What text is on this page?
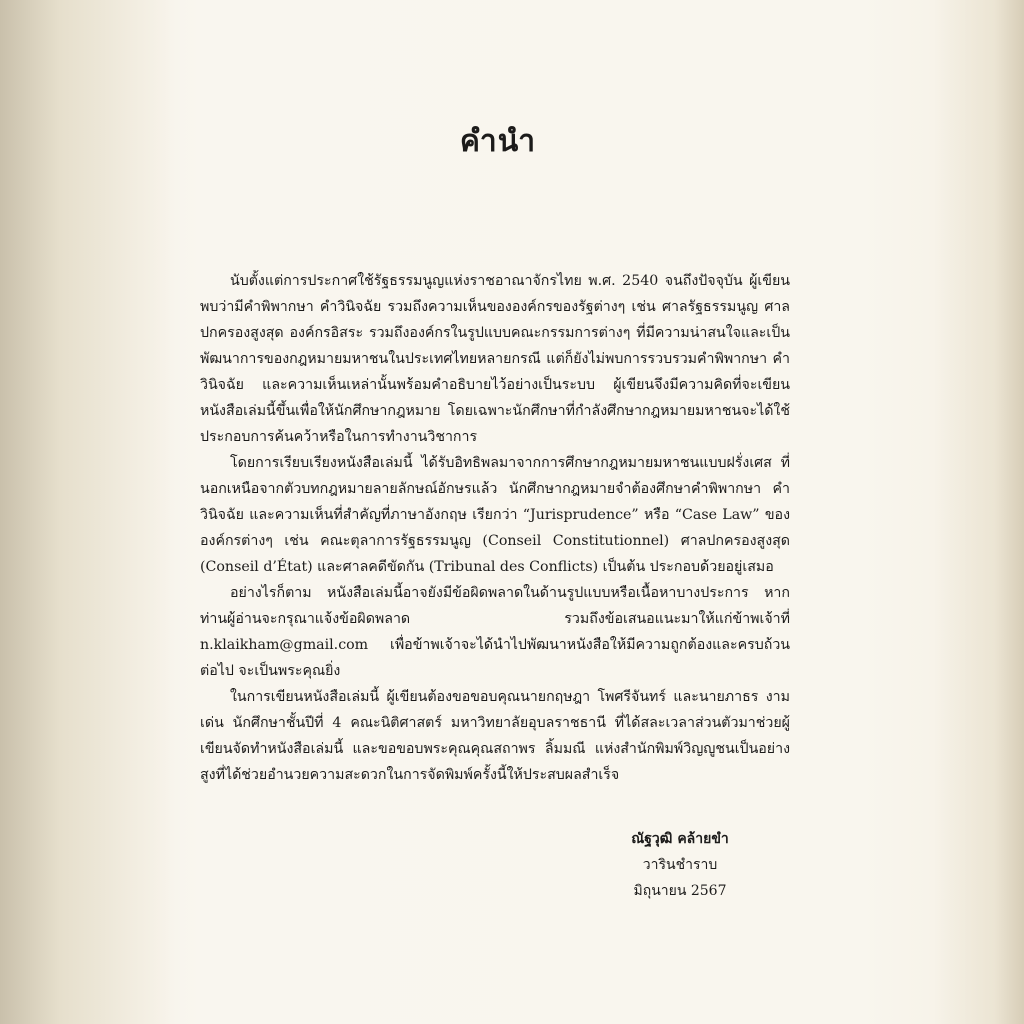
คำนำ

นับตั้งแต่การประกาศใช้รัฐธรรมนูญแห่งราชอาณาจักรไทย พ.ศ. 2540 จนถึงปัจจุบัน ผู้เขียนพบว่ามีคำพิพากษา คำวินิจฉัย รวมถึงความเห็นขององค์กรของรัฐต่างๆ เช่น ศาลรัฐธรรมนูญ ศาลปกครองสูงสุด องค์กรอิสระ รวมถึงองค์กรในรูปแบบคณะกรรมการต่างๆ ที่มีความน่าสนใจและเป็นพัฒนาการของกฎหมายมหาชนในประเทศไทยหลายกรณี แต่ก็ยังไม่พบการรวบรวมคำพิพากษา คำวินิจฉัย และความเห็นเหล่านั้นพร้อมคำอธิบายไว้อย่างเป็นระบบ ผู้เขียนจึงมีความคิดที่จะเขียนหนังสือเล่มนี้ขึ้นเพื่อให้นักศึกษากฎหมาย โดยเฉพาะนักศึกษาที่กำลังศึกษากฎหมายมหาชนจะได้ใช้ประกอบการค้นคว้าหรือในการทำงานวิชาการ

โดยการเรียบเรียงหนังสือเล่มนี้ ได้รับอิทธิพลมาจากการศึกษากฎหมายมหาชนแบบฝรั่งเศส ที่นอกเหนือจากตัวบทกฎหมายลายลักษณ์อักษรแล้ว นักศึกษากฎหมายจำต้องศึกษาคำพิพากษา คำวินิจฉัย และความเห็นที่สำคัญที่ภาษาอังกฤษ เรียกว่า “Jurisprudence” หรือ “Case Law” ขององค์กรต่างๆ เช่น คณะตุลาการรัฐธรรมนูญ (Conseil Constitutionnel) ศาลปกครองสูงสุด (Conseil d’État) และศาลคดีขัดกัน (Tribunal des Conflicts) เป็นต้น ประกอบด้วยอยู่เสมอ

อย่างไรก็ตาม หนังสือเล่มนี้อาจยังมีข้อผิดพลาดในด้านรูปแบบหรือเนื้อหาบางประการ หากท่านผู้อ่านจะกรุณาแจ้งข้อผิดพลาด รวมถึงข้อเสนอแนะมาให้แก่ข้าพเจ้าที่ n.klaikham@gmail.com เพื่อข้าพเจ้าจะได้นำไปพัฒนาหนังสือให้มีความถูกต้องและครบถ้วนต่อไป จะเป็นพระคุณยิ่ง

ในการเขียนหนังสือเล่มนี้ ผู้เขียนต้องขอขอบคุณนายกฤษฎา โพศรีจันทร์ และนายภาธร งามเด่น นักศึกษาชั้นปีที่ 4 คณะนิติศาสตร์ มหาวิทยาลัยอุบลราชธานี ที่ได้สละเวลาส่วนตัวมาช่วยผู้เขียนจัดทำหนังสือเล่มนี้ และขอขอบพระคุณคุณสถาพร ลิ้มมณี แห่งสำนักพิมพ์วิญญูชนเป็นอย่างสูงที่ได้ช่วยอำนวยความสะดวกในการจัดพิมพ์ครั้งนี้ให้ประสบผลสำเร็จ

ณัฐวุฒิ คล้ายขำ
วารินชำราบ
มิถุนายน 2567
